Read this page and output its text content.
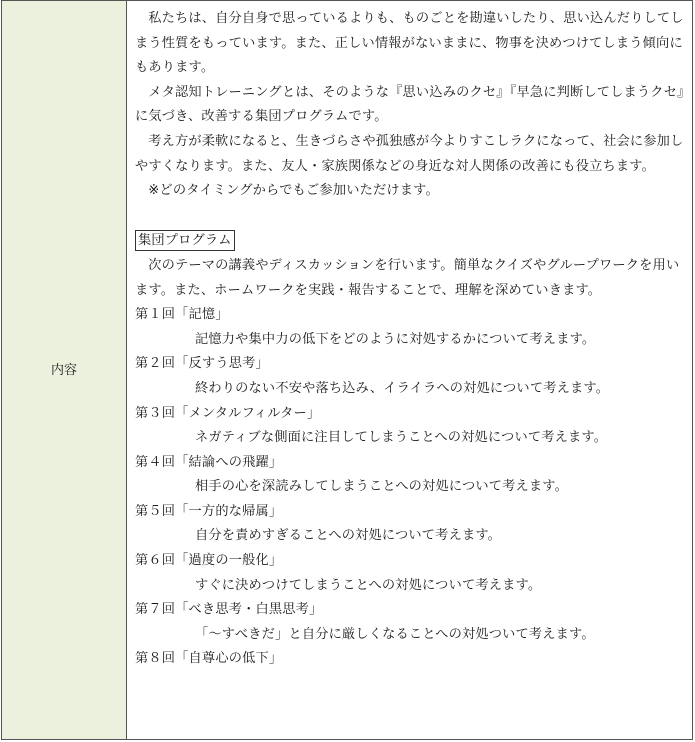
内容

私たちは、自分自身で思っているよりも、ものごとを勘違いしたり、思い込んだりしてしまう性質をもっています。また、正しい情報がないままに、物事を決めつけてしまう傾向にもあります。

メタ認知トレーニングとは、そのような『思い込みのクセ』『早急に判断してしまうクセ』に気づき、改善する集団プログラムです。

考え方が柔軟になると、生きづらさや孤独感が今よりすこしラクになって、社会に参加しやすくなります。また、友人・家族関係などの身近な対人関係の改善にも役立ちます。

※どのタイミングからでもご参加いただけます。

集団プログラム

次のテーマの講義やディスカッションを行います。簡単なクイズやグループワークを用います。また、ホームワークを実践・報告することで、理解を深めていきます。

第１回「記憶」

記憶力や集中力の低下をどのように対処するかについて考えます。

第２回「反すう思考」

終わりのない不安や落ち込み、イライラへの対処について考えます。

第３回「メンタルフィルター」

ネガティブな側面に注目してしまうことへの対処について考えます。

第４回「結論への飛躍」

相手の心を深読みしてしまうことへの対処について考えます。

第５回「一方的な帰属」

自分を責めすぎることへの対処について考えます。

第６回「過度の一般化」

すぐに決めつけてしまうことへの対処について考えます。

第７回「べき思考・白黒思考」

「～すべきだ」と自分に厳しくなることへの対処ついて考えます。

第８回「自尊心の低下」
